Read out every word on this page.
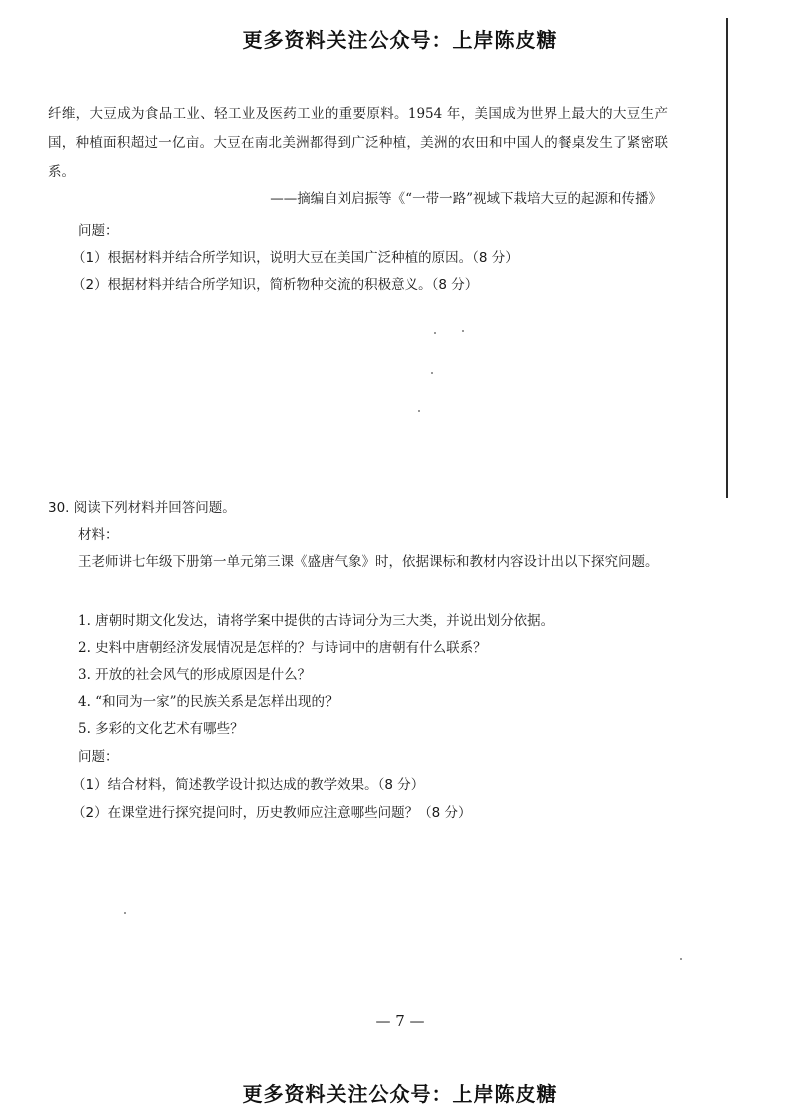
更多资料关注公众号：上岸陈皮糖
纤维，大豆成为食品工业、轻工业及医药工业的重要原料。1954 年，美国成为世界上最大的大豆生产国，种植面积超过一亿亩。大豆在南北美洲都得到广泛种植，美洲的农田和中国人的餐桌发生了紧密联系。
——摘编自刘启振等《“一带一路”视域下栽培大豆的起源和传播》
问题：
（1）根据材料并结合所学知识，说明大豆在美国广泛种植的原因。（8 分）
（2）根据材料并结合所学知识，简析物种交流的积极意义。（8 分）
30. 阅读下列材料并回答问题。
材料：
王老师讲七年级下册第一单元第三课《盛唐气象》时，依据课标和教材内容设计出以下探究问题。
1. 唐朝时期文化发达，请将学案中提供的古诗词分为三大类，并说出划分依据。
2. 史料中唐朝经济发展情况是怎样的？与诗词中的唐朝有什么联系？
3. 开放的社会风气的形成原因是什么？
4. “和同为一家”的民族关系是怎样出现的？
5. 多彩的文化艺术有哪些？
问题：
（1）结合材料，简述教学设计拟达成的教学效果。（8 分）
（2）在课堂进行探究提问时，历史教师应注意哪些问题？（8 分）
— 7 —
更多资料关注公众号：上岸陈皮糖
